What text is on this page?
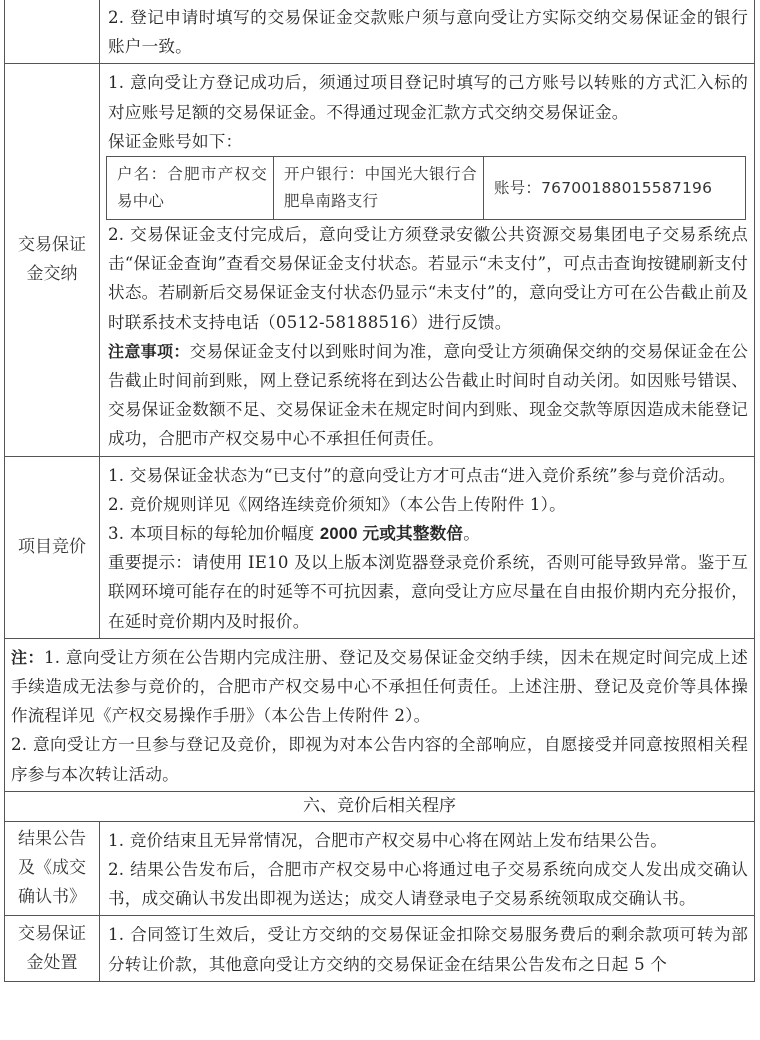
2. 登记申请时填写的交易保证金交款账户须与意向受让方实际交纳交易保证金的银行账户一致。

交易保证金交纳	
1. 意向受让方登记成功后，须通过项目登记时填写的己方账号以转账的方式汇入标的对应账号足额的交易保证金。不得通过现金汇款方式交纳交易保证金。
保证金账号如下：
户名：合肥市产权交易中心	开户银行：中国光大银行合肥阜南路支行	账号：76700188015587196
2. 交易保证金支付完成后，意向受让方须登录安徽公共资源交易集团电子交易系统点击“保证金查询”查看交易保证金支付状态。若显示“未支付”，可点击查询按键刷新支付状态。若刷新后交易保证金支付状态仍显示“未支付”的，意向受让方可在公告截止前及时联系技术支持电话（0512-58188516）进行反馈。
注意事项：交易保证金支付以到账时间为准，意向受让方须确保交纳的交易保证金在公告截止时间前到账，网上登记系统将在到达公告截止时间时自动关闭。如因账号错误、交易保证金数额不足、交易保证金未在规定时间内到账、现金交款等原因造成未能登记成功，合肥市产权交易中心不承担任何责任。

项目竞价	
1. 交易保证金状态为“已支付”的意向受让方才可点击“进入竞价系统”参与竞价活动。
2. 竞价规则详见《网络连续竞价须知》（本公告上传附件 1）。
3. 本项目标的每轮加价幅度 2000 元或其整数倍。
重要提示：请使用 IE10 及以上版本浏览器登录竞价系统，否则可能导致异常。鉴于互联网环境可能存在的时延等不可抗因素，意向受让方应尽量在自由报价期内充分报价，在延时竞价期内及时报价。

注：1. 意向受让方须在公告期内完成注册、登记及交易保证金交纳手续，因未在规定时间完成上述手续造成无法参与竞价的，合肥市产权交易中心不承担任何责任。上述注册、登记及竞价等具体操作流程详见《产权交易操作手册》（本公告上传附件 2）。
2. 意向受让方一旦参与登记及竞价，即视为对本公告内容的全部响应，自愿接受并同意按照相关程序参与本次转让活动。

六、竞价后相关程序
结果公告及《成交确认书》	
1. 竞价结束且无异常情况，合肥市产权交易中心将在网站上发布结果公告。
2. 结果公告发布后，合肥市产权交易中心将通过电子交易系统向成交人发出成交确认书，成交确认书发出即视为送达；成交人请登录电子交易系统领取成交确认书。

交易保证金处置	
1. 合同签订生效后，受让方交纳的交易保证金扣除交易服务费后的剩余款项可转为部分转让价款，其他意向受让方交纳的交易保证金在结果公告发布之日起 5 个
